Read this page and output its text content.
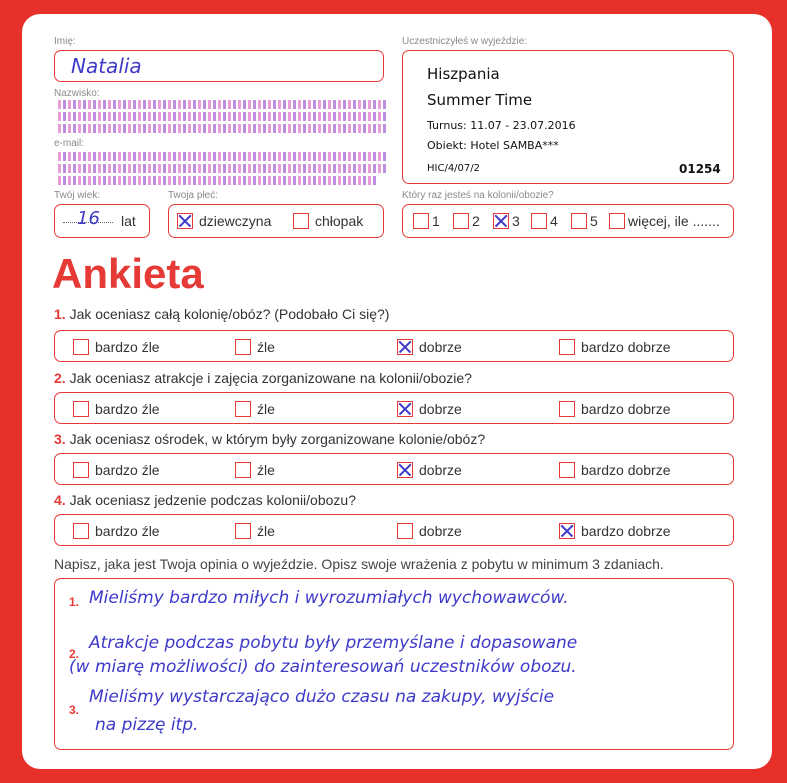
Imię:
Natalia
Nazwisko:
e-mail:
Twój wiek:
16 lat
Twoja płeć:
dziewczyna	chłopak
Uczestniczyłeś w wyjeździe:
Hiszpania
Summer Time
Turnus: 11.07 - 23.07.2016
Obiekt: Hotel SAMBA***
HIC/4/07/2	01254
Który raz jesteś na kolonii/obozie?
1	2	3	4	5	więcej, ile .......
Ankieta
1. Jak oceniasz całą kolonię/obóz? (Podobało Ci się?)
bardzo źle	źle	dobrze	bardzo dobrze
2. Jak oceniasz atrakcje i zajęcia zorganizowane na kolonii/obozie?
bardzo źle	źle	dobrze	bardzo dobrze
3. Jak oceniasz ośrodek, w którym były zorganizowane kolonie/obóz?
bardzo źle	źle	dobrze	bardzo dobrze
4. Jak oceniasz jedzenie podczas kolonii/obozu?
bardzo źle	źle	dobrze	bardzo dobrze
Napisz, jaka jest Twoja opinia o wyjeździe. Opisz swoje wrażenia z pobytu w minimum 3 zdaniach.
1. Mieliśmy bardzo miłych i wyrozumiałych wychowawców.
2.
Atrakcje podczas pobytu były przemyślane i dopasowane
(w miarę możliwości) do zainteresowań uczestników obozu.
3.
Mieliśmy wystarczająco dużo czasu na zakupy, wyjście
na pizzę itp.
